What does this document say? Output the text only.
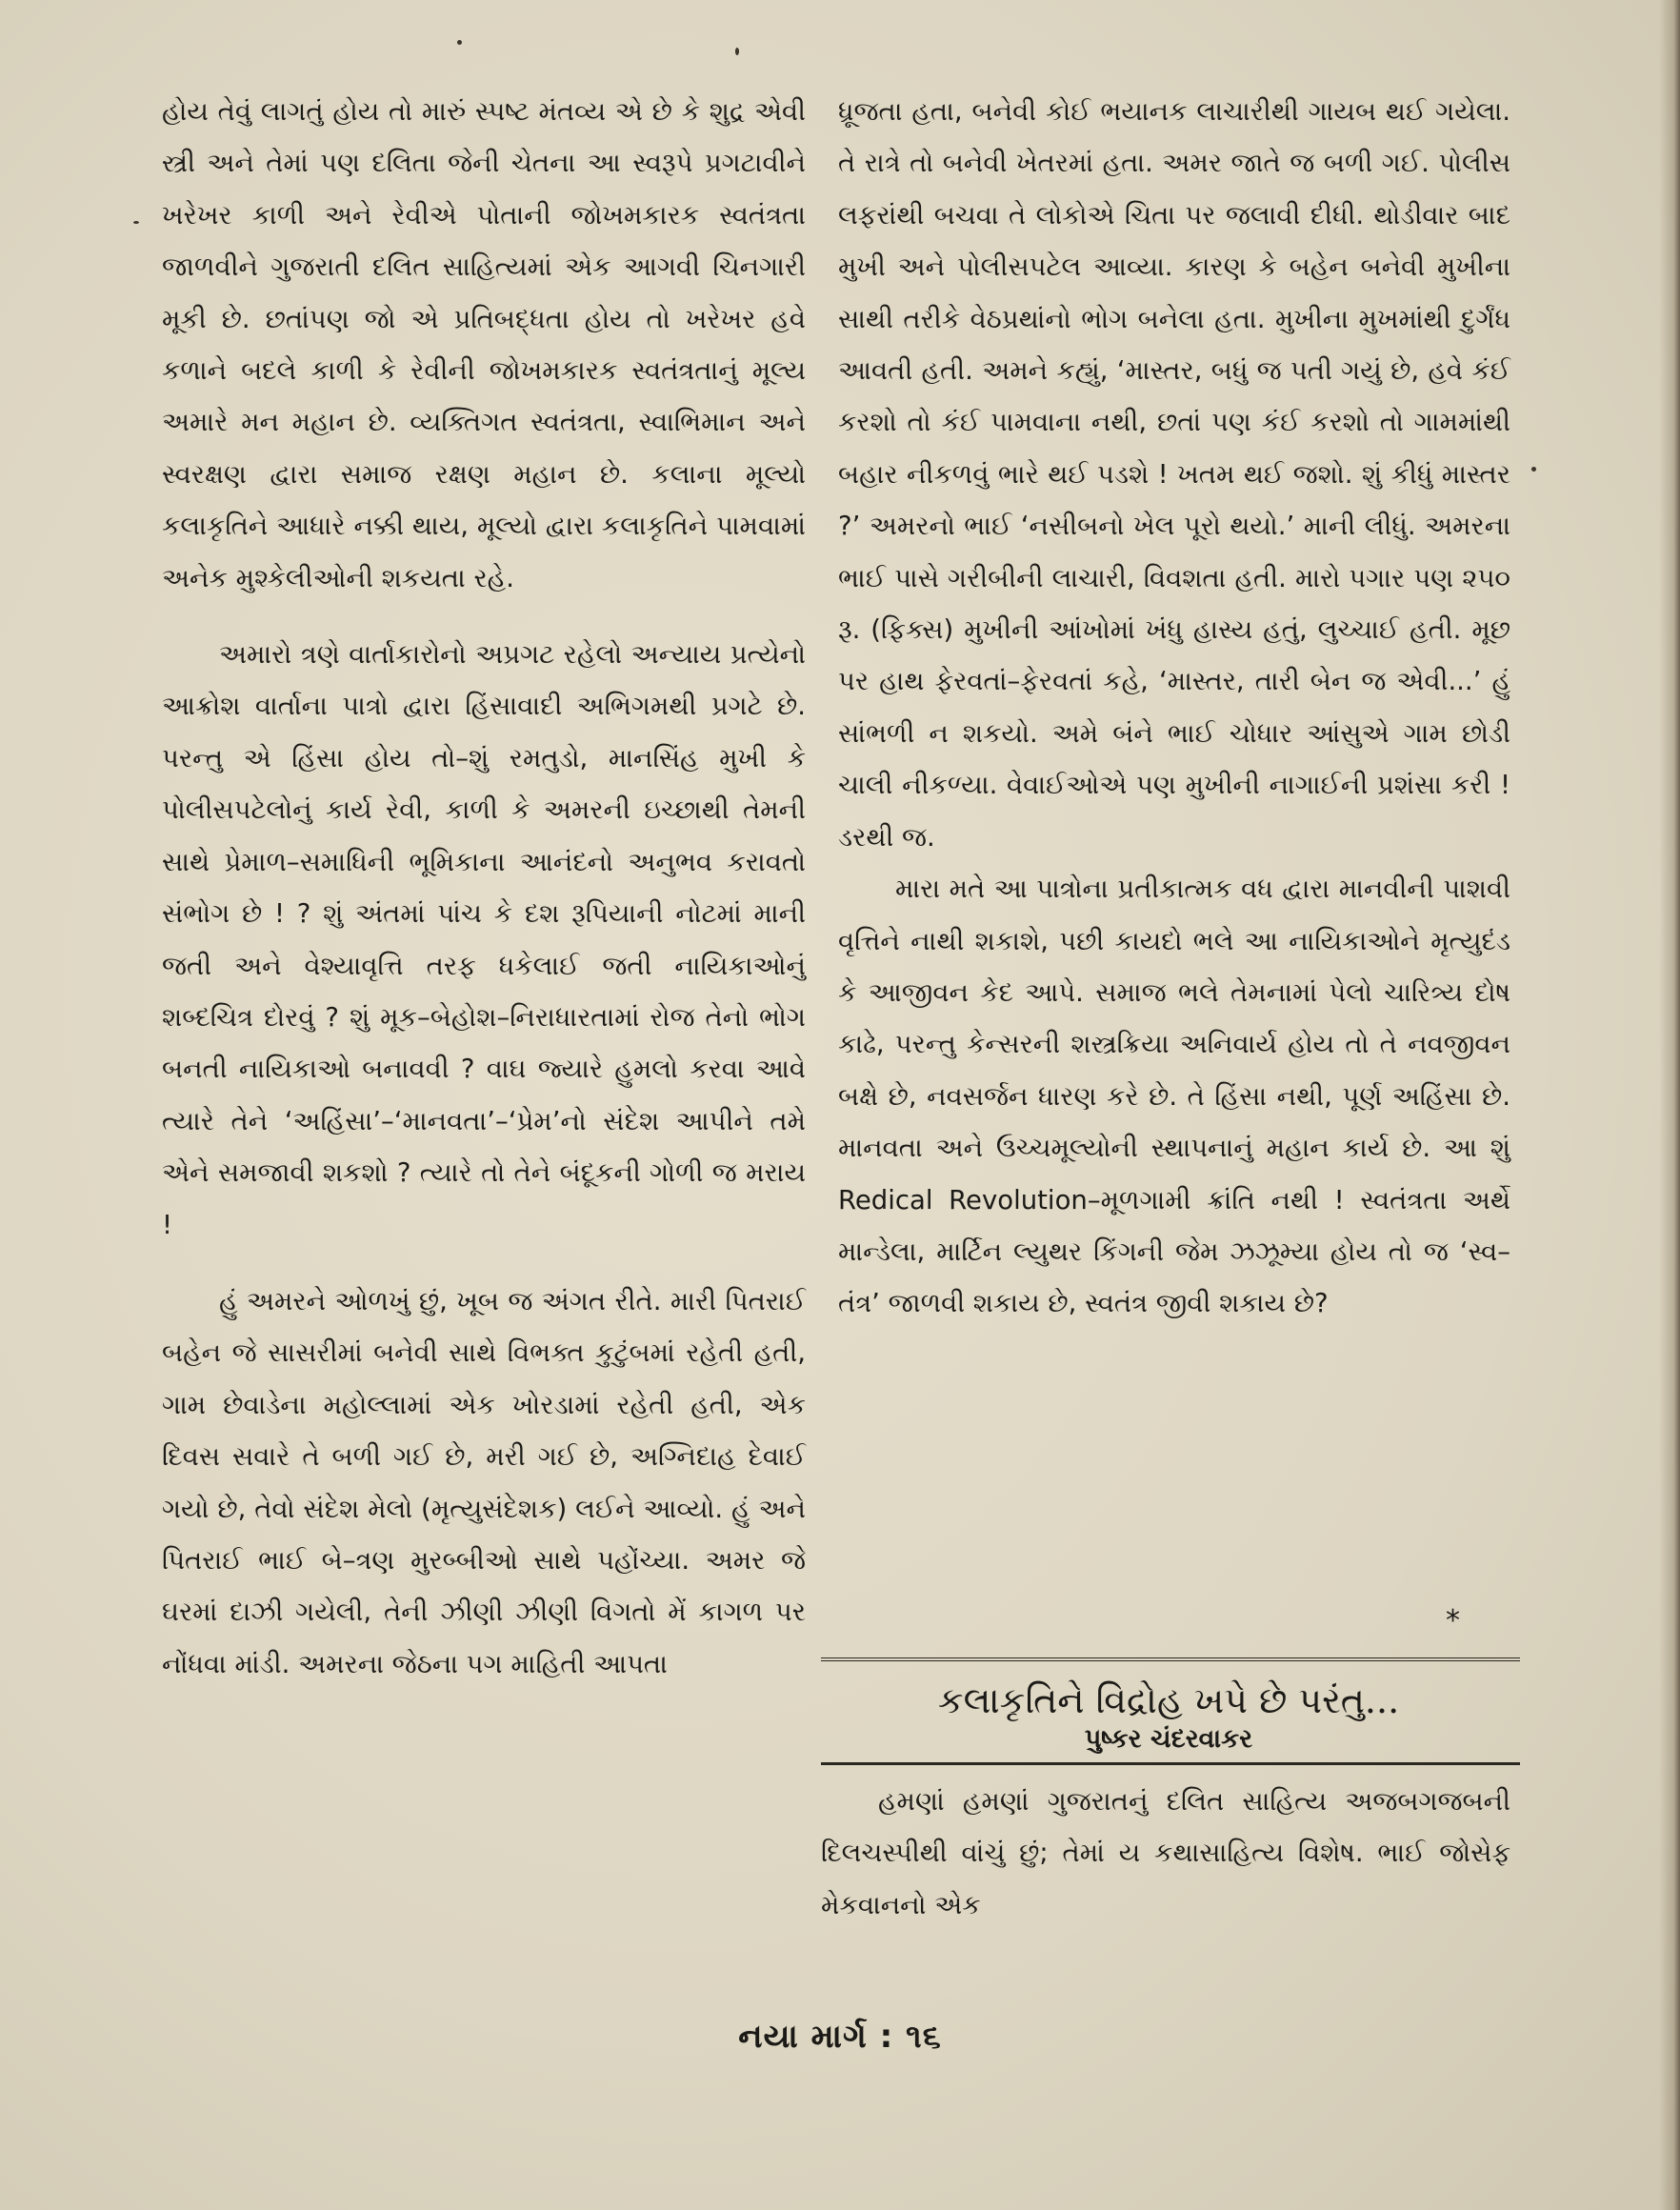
હોય તેવું લાગતું હોય તો મારું સ્પષ્ટ મંતવ્ય એ છે કે શુદ્ર એવી સ્ત્રી અને તેમાં પણ દલિતા જેની ચેતના આ સ્વરૂપે પ્રગટાવીને ખરેખર કાળી અને રેવીએ પોતાની જોખમકારક સ્વતંત્રતા જાળવીને ગુજરાતી દલિત સાહિત્યમાં એક આગવી ચિનગારી મૂકી છે. છતાંપણ જો એ પ્રતિબદ્ધતા હોય તો ખરેખર હવે કળાને બદલે કાળી કે રેવીની જોખમકારક સ્વતંત્રતાનું મૂલ્ય અમારે મન મહાન છે. વ્યક્તિગત સ્વતંત્રતા, સ્વાભિમાન અને સ્વરક્ષણ દ્વારા સમાજ રક્ષણ મહાન છે. કલાના મૂલ્યો કલાકૃતિને આધારે નક્કી થાય, મૂલ્યો દ્વારા કલાકૃતિને પામવામાં અનેક મુશ્કેલીઓની શકયતા રહે.

અમારો ત્રણે વાર્તાકારોનો અપ્રગટ રહેલો અન્યાય પ્રત્યેનો આક્રોશ વાર્તાના પાત્રો દ્વારા હિંસાવાદી અભિગમથી પ્રગટે છે. પરન્તુ એ હિંસા હોય તો–શું રમતુડો, માનસિંહ મુખી કે પોલીસપટેલોનું કાર્ય રેવી, કાળી કે અમરની ઇચ્છાથી તેમની સાથે પ્રેમાળ–સમાધિની ભૂમિકાના આનંદનો અનુભવ કરાવતો સંભોગ છે ! ? શું અંતમાં પાંચ કે દશ રૂપિયાની નોટમાં માની જતી અને વેશ્યાવૃત્તિ તરફ ધકેલાઈ જતી નાયિકાઓનું શબ્દચિત્ર દોરવું ? શું મૂક–બેહોશ–નિરાધારતામાં રોજ તેનો ભોગ બનતી નાયિકાઓ બનાવવી ? વાઘ જ્યારે હુમલો કરવા આવે ત્યારે તેને ‘અહિંસા’–‘માનવતા’–‘પ્રેમ’નો સંદેશ આપીને તમે એને સમજાવી શકશો ? ત્યારે તો તેને બંદૂકની ગોળી જ મરાય !

હું અમરને ઓળખું છું, ખૂબ જ અંગત રીતે. મારી પિતરાઈ બહેન જે સાસરીમાં બનેવી સાથે વિભક્ત કુટુંબમાં રહેતી હતી, ગામ છેવાડેના મહોલ્લામાં એક ખોરડામાં રહેતી હતી, એક દિવસ સવારે તે બળી ગઈ છે, મરી ગઈ છે, અગ્નિદાહ દેવાઈ ગયો છે, તેવો સંદેશ મેલો (મૃત્યુસંદેશક) લઈને આવ્યો. હું અને પિતરાઈ ભાઈ બે–ત્રણ મુરબ્બીઓ સાથે પહોંચ્યા. અમર જે ઘરમાં દાઝી ગયેલી, તેની ઝીણી ઝીણી વિગતો મેં કાગળ પર નોંધવા માંડી. અમરના જેઠના પગ માહિતી આપતા

ધ્રૂજતા હતા, બનેવી કોઈ ભયાનક લાચારીથી ગાયબ થઈ ગયેલા. તે રાત્રે તો બનેવી ખેતરમાં હતા. અમર જાતે જ બળી ગઈ. પોલીસ લફરાંથી બચવા તે લોકોએ ચિતા પર જલાવી દીધી. થોડીવાર બાદ મુખી અને પોલીસપટેલ આવ્યા. કારણ કે બહેન બનેવી મુખીના સાથી તરીકે વેઠપ્રથાંનો ભોગ બનેલા હતા. મુખીના મુખમાંથી દુર્ગંધ આવતી હતી. અમને કહ્યું, ‘માસ્તર, બધું જ પતી ગયું છે, હવે કંઈ કરશો તો કંઈ પામવાના નથી, છતાં પણ કંઈ કરશો તો ગામમાંથી બહાર નીકળવું ભારે થઈ પડશે ! ખતમ થઈ જશો. શું કીધું માસ્તર ?’ અમરનો ભાઈ ‘નસીબનો ખેલ પૂરો થયો.’ માની લીધું. અમરના ભાઈ પાસે ગરીબીની લાચારી, વિવશતા હતી. મારો પગાર પણ ૨૫૦ રૂ. (ફિક્સ) મુખીની આંખોમાં ખંધુ હાસ્ય હતું, લુચ્ચાઈ હતી. મૂછ પર હાથ ફેરવતાં–ફેરવતાં કહે, ‘માસ્તર, તારી બેન જ એવી...’ હું સાંભળી ન શકયો. અમે બંને ભાઈ ચોધાર આંસુએ ગામ છોડી ચાલી નીકળ્યા. વેવાઈઓએ પણ મુખીની નાગાઈની પ્રશંસા કરી ! ડરથી જ.

મારા મતે આ પાત્રોના પ્રતીકાત્મક વધ દ્વારા માનવીની પાશવી વૃત્તિને નાથી શકાશે, પછી કાયદો ભલે આ નાયિકાઓને મૃત્યુદંડ કે આજીવન કેદ આપે. સમાજ ભલે તેમનામાં પેલો ચારિત્ર્ય દોષ કાઢે, પરન્તુ કેન્સરની શસ્ત્રક્રિયા અનિવાર્ય હોય તો તે નવજીવન બક્ષે છે, નવસર્જન ધારણ કરે છે. તે હિંસા નથી, પૂર્ણ અહિંસા છે. માનવતા અને ઉચ્ચમૂલ્યોની સ્થાપનાનું મહાન કાર્ય છે. આ શું Redical Revolution–મૂળગામી ક્રાંતિ નથી ! સ્વતંત્રતા અર્થે માન્ડેલા, માર્ટિન લ્યુથર કિંગની જેમ ઝઝૂમ્યા હોય તો જ ‘સ્વ–તંત્ર’ જાળવી શકાય છે, સ્વતંત્ર જીવી શકાય છે?

*
કલાકૃતિને વિદ્રોહ ખપે છે પરંતુ...
પુષ્કર ચંદરવાકર

હમણાં હમણાં ગુજરાતનું દલિત સાહિત્ય અજબગજબની દિલચસ્પીથી વાંચું છું; તેમાં ય કથાસાહિત્ય વિશેષ. ભાઈ જોસેફ મેકવાનનો એક

નયા માર્ગ : ૧૬
